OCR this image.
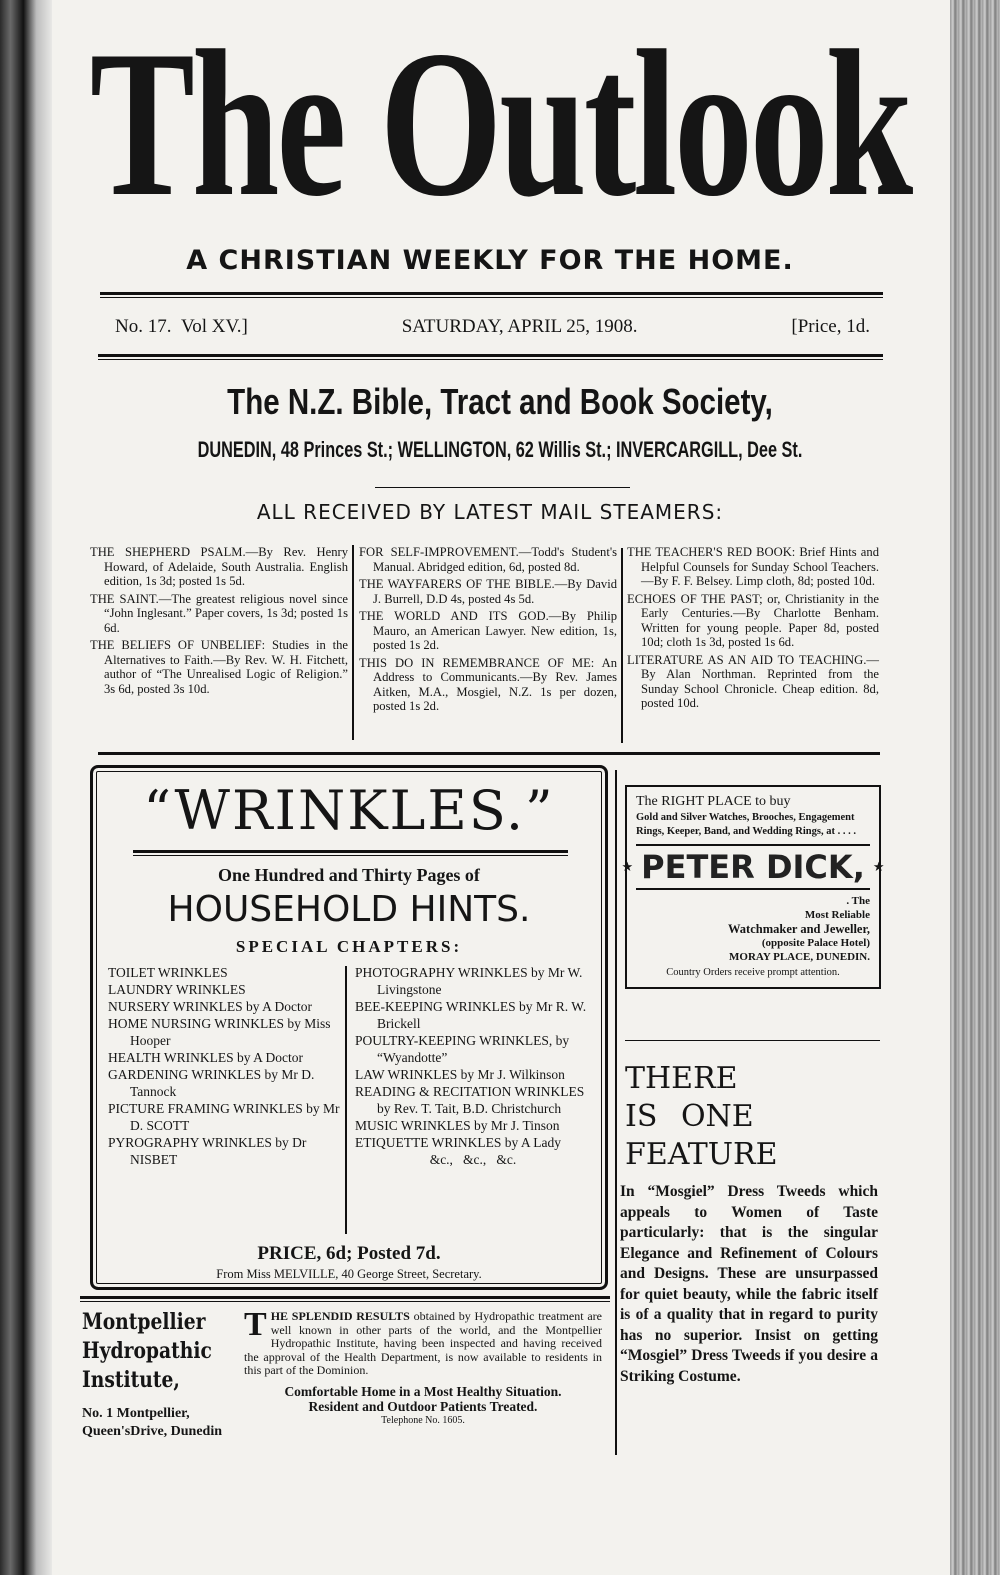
The Outlook
A CHRISTIAN WEEKLY FOR THE HOME.
No. 17. Vol XV.]	SATURDAY, APRIL 25, 1908.	[Price, 1d.
The N.Z. Bible, Tract and Book Society,
DUNEDIN, 48 Princes St.; WELLINGTON, 62 Willis St.; INVERCARGILL, Dee St.
ALL RECEIVED BY LATEST MAIL STEAMERS:

THE SHEPHERD PSALM.—By Rev. Henry Howard, of Adelaide, South Australia. English edition, 1s 3d; posted 1s 5d.

THE SAINT.—The greatest religious novel since “John Inglesant.” Paper covers, 1s 3d; posted 1s 6d.

THE BELIEFS OF UNBELIEF: Studies in the Alternatives to Faith.—By Rev. W. H. Fitchett, author of “The Unrealised Logic of Religion.” 3s 6d, posted 3s 10d.

FOR SELF-IMPROVEMENT.—Todd's Student's Manual. Abridged edition, 6d, posted 8d.

THE WAYFARERS OF THE BIBLE.—By David J. Burrell, D.D 4s, posted 4s 5d.

THE WORLD AND ITS GOD.—By Philip Mauro, an American Lawyer. New edition, 1s, posted 1s 2d.

THIS DO IN REMEMBRANCE OF ME: An Address to Communicants.—By Rev. James Aitken, M.A., Mosgiel, N.Z. 1s per dozen, posted 1s 2d.

THE TEACHER'S RED BOOK: Brief Hints and Helpful Counsels for Sunday School Teachers.—By F. F. Belsey. Limp cloth, 8d; posted 10d.

ECHOES OF THE PAST; or, Christianity in the Early Centuries.—By Charlotte Benham. Written for young people. Paper 8d, posted 10d; cloth 1s 3d, posted 1s 6d.

LITERATURE AS AN AID TO TEACHING.—By Alan Northman. Reprinted from the Sunday School Chronicle. Cheap edition. 8d, posted 10d.

“WRINKLES.”
One Hundred and Thirty Pages of
HOUSEHOLD HINTS.
SPECIAL CHAPTERS:

TOILET WRINKLES

LAUNDRY WRINKLES

NURSERY WRINKLES by A Doctor

HOME NURSING WRINKLES by Miss Hooper

HEALTH WRINKLES by A Doctor

GARDENING WRINKLES by Mr D. Tannock

PICTURE FRAMING WRINKLES by Mr D. SCOTT

PYROGRAPHY WRINKLES by Dr NISBET

PHOTOGRAPHY WRINKLES by Mr W. Livingstone

BEE-KEEPING WRINKLES by Mr R. W. Brickell

POULTRY-KEEPING WRINKLES, by “Wyandotte”

LAW WRINKLES by Mr J. Wilkinson

READING & RECITATION WRINKLES by Rev. T. Tait, B.D. Christchurch

MUSIC WRINKLES by Mr J. Tinson

ETIQUETTE WRINKLES by A Lady

&c.,   &c.,   &c.

PRICE, 6d; Posted 7d.
From Miss MELVILLE, 40 George Street, Secretary.
The RIGHT PLACE to buy
Gold and Silver Watches, Brooches, Engagement Rings, Keeper, Band, and Wedding Rings, at . . . .
★ PETER DICK, ★
. The
Most Reliable
Watchmaker and Jeweller,
(opposite Palace Hotel)
MORAY PLACE, DUNEDIN.
Country Orders receive prompt attention.
THERE
IS ONE
FEATURE
In “Mosgiel” Dress Tweeds which appeals to Women of Taste particularly: that is the singular Elegance and Refinement of Colours and Designs. These are unsurpassed for quiet beauty, while the fabric itself is of a quality that in regard to purity has no superior. Insist on getting “Mosgiel” Dress Tweeds if you desire a Striking Costume.
Montpellier
Hydropathic
Institute,
No. 1 Montpellier,
Queen'sDrive, Dunedin
THE SPLENDID RESULTS obtained by Hydropathic treatment are well known in other parts of the world, and the Montpellier Hydropathic Institute, having been inspected and having received the approval of the Health Department, is now available to residents in this part of the Dominion.
Comfortable Home in a Most Healthy Situation.
Resident and Outdoor Patients Treated.
Telephone No. 1605.
